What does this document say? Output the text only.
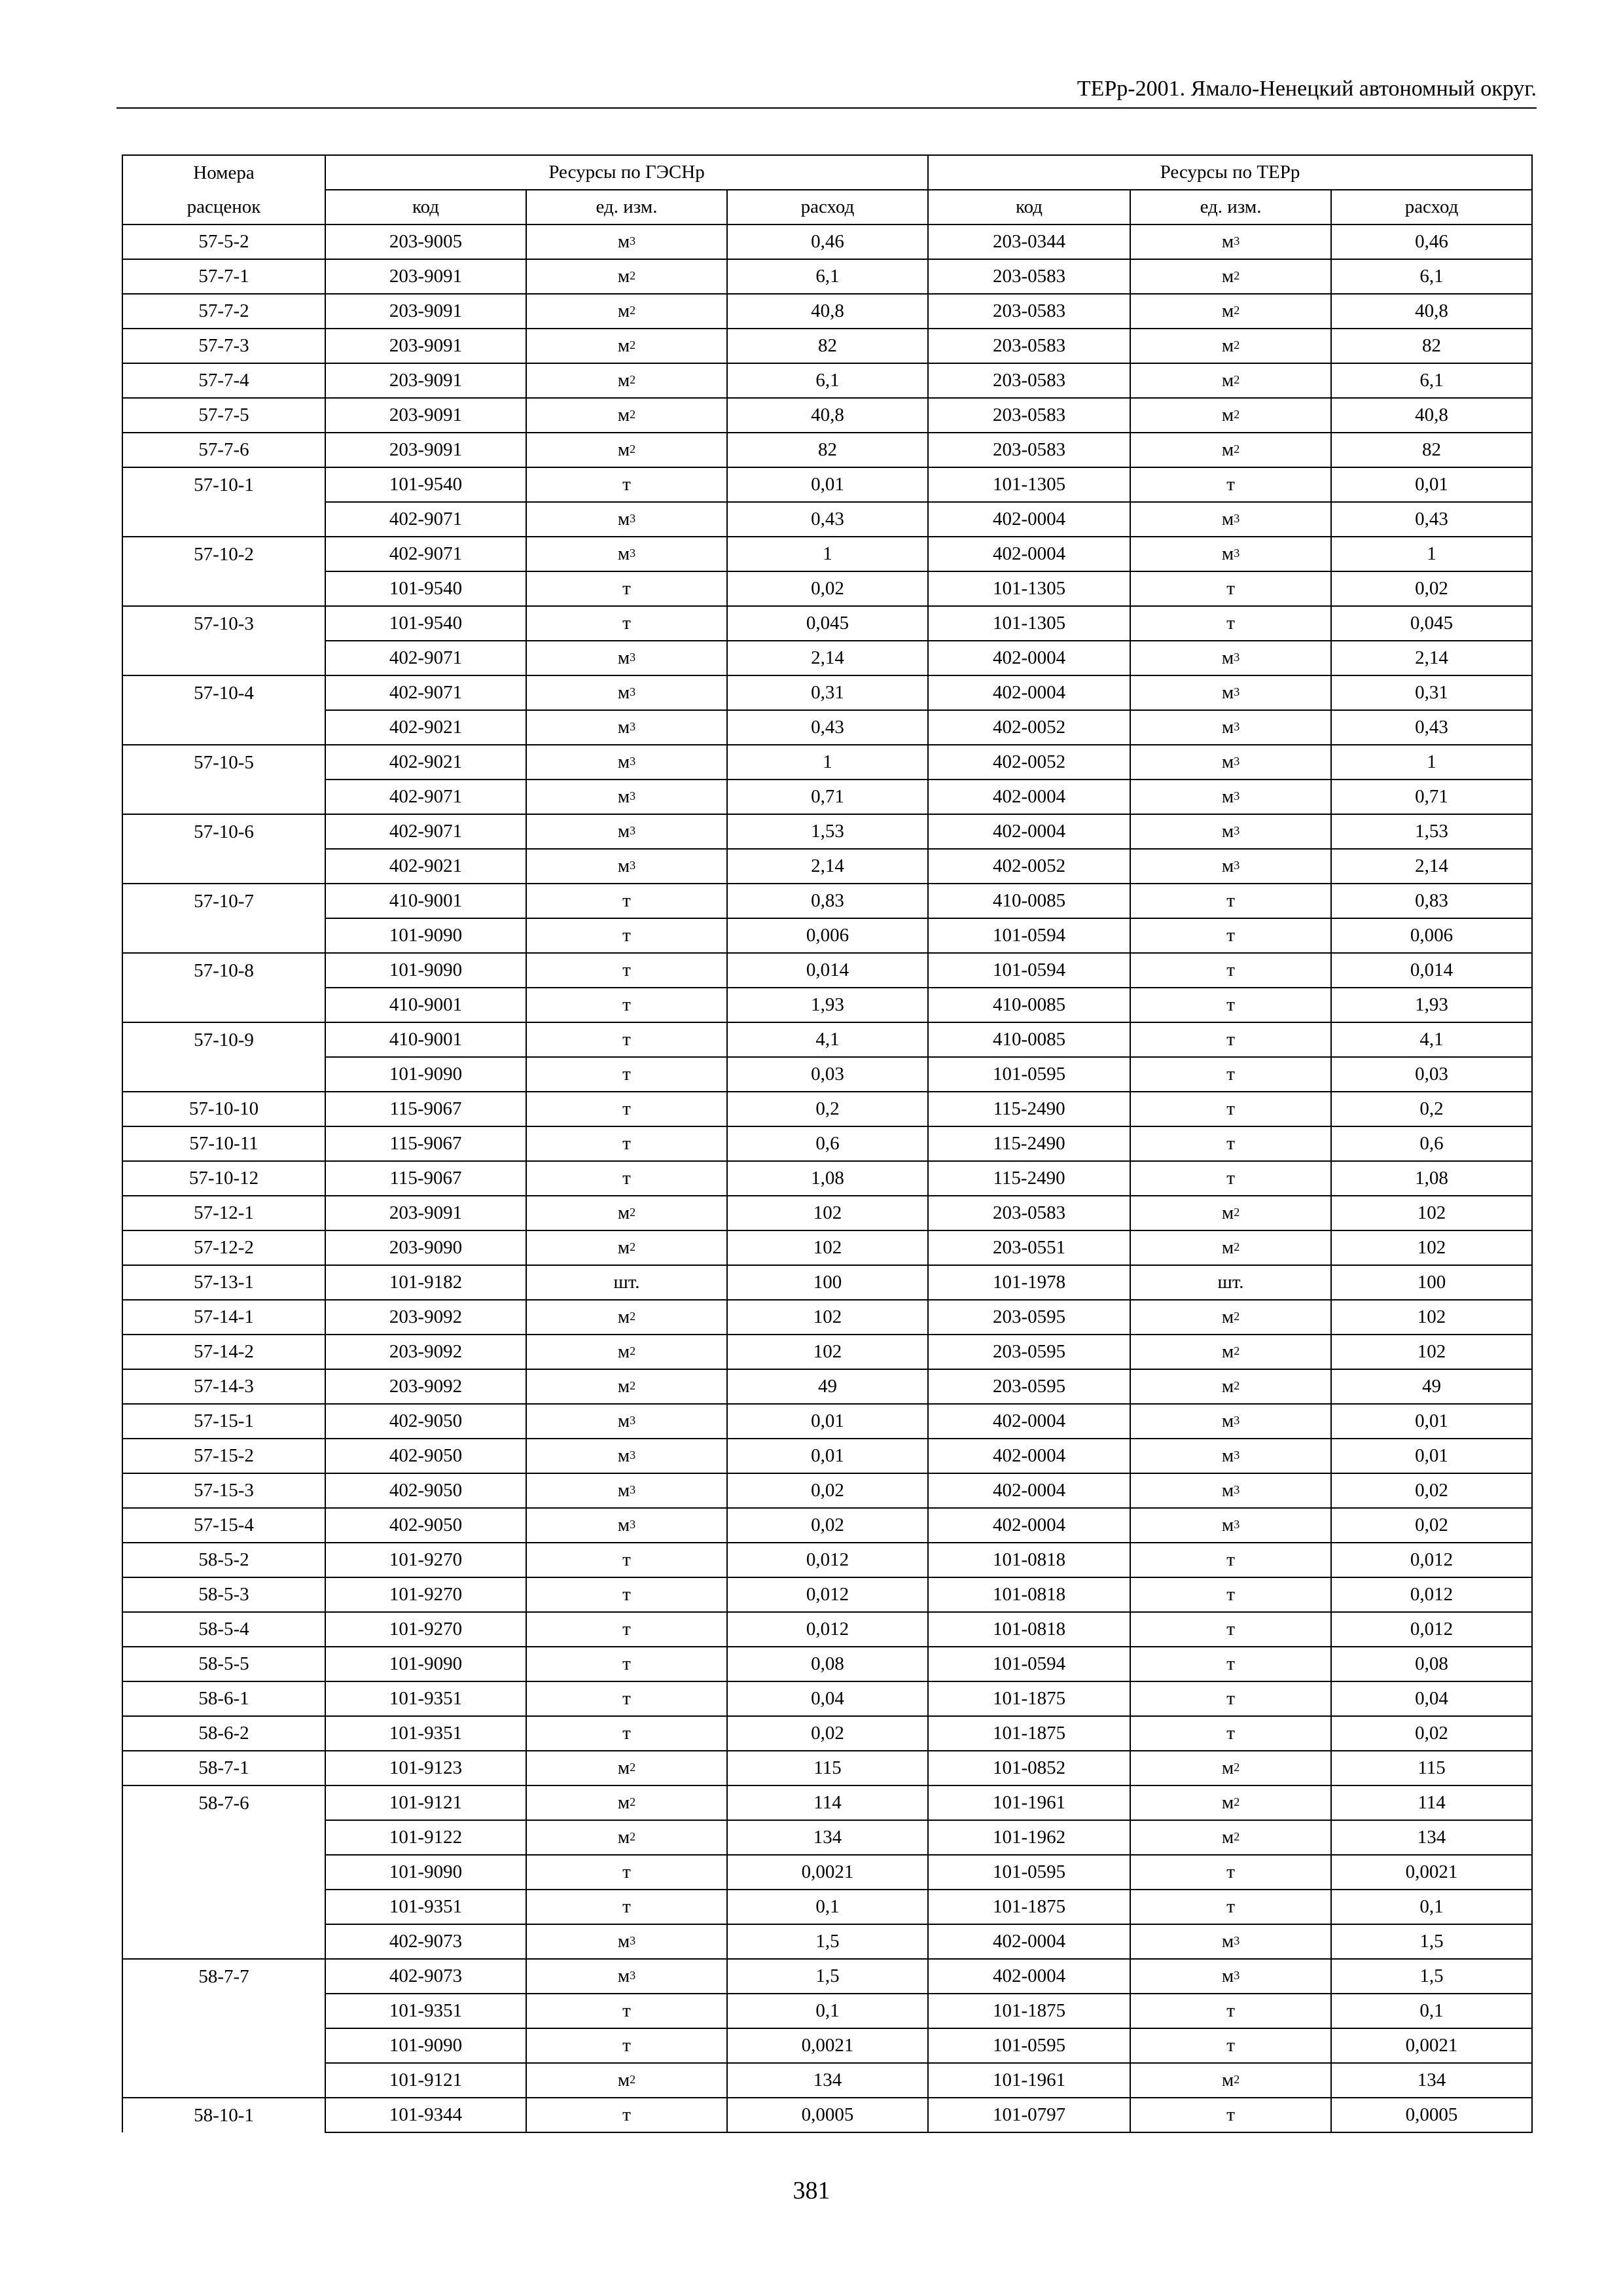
ТЕРр-2001. Ямало-Ненецкий автономный округ.
Номера	Ресурсы по ГЭСНр			Ресурсы по ТЕРр		
расценок	код	ед. изм.	расход	код	ед. изм.	расход
57-5-2	203-9005	$м^3$	0,46	203-0344	$м^3$	0,46
57-7-1	203-9091	$м^2$	6,1	203-0583	$м^2$	6,1
57-7-2	203-9091	$м^2$	40,8	203-0583	$м^2$	40,8
57-7-3	203-9091	$м^2$	82	203-0583	$м^2$	82
57-7-4	203-9091	$м^2$	6,1	203-0583	$м^2$	6,1
57-7-5	203-9091	$м^2$	40,8	203-0583	$м^2$	40,8
57-7-6	203-9091	$м^2$	82	203-0583	$м^2$	82
57-10-1	101-9540	т	0,01	101-1305	т	0,01
	402-9071	$м^3$	0,43	402-0004	$м^3$	0,43
57-10-2	402-9071	$м^3$	1	402-0004	$м^3$	1
	101-9540	т	0,02	101-1305	т	0,02
57-10-3	101-9540	т	0,045	101-1305	т	0,045
	402-9071	$м^3$	2,14	402-0004	$м^3$	2,14
57-10-4	402-9071	$м^3$	0,31	402-0004	$м^3$	0,31
	402-9021	$м^3$	0,43	402-0052	$м^3$	0,43
57-10-5	402-9021	$м^3$	1	402-0052	$м^3$	1
	402-9071	$м^3$	0,71	402-0004	$м^3$	0,71
57-10-6	402-9071	$м^3$	1,53	402-0004	$м^3$	1,53
	402-9021	$м^3$	2,14	402-0052	$м^3$	2,14
57-10-7	410-9001	т	0,83	410-0085	т	0,83
	101-9090	т	0,006	101-0594	т	0,006
57-10-8	101-9090	т	0,014	101-0594	т	0,014
	410-9001	т	1,93	410-0085	т	1,93
57-10-9	410-9001	т	4,1	410-0085	т	4,1
	101-9090	т	0,03	101-0595	т	0,03
57-10-10	115-9067	т	0,2	115-2490	т	0,2
57-10-11	115-9067	т	0,6	115-2490	т	0,6
57-10-12	115-9067	т	1,08	115-2490	т	1,08
57-12-1	203-9091	$м^2$	102	203-0583	$м^2$	102
57-12-2	203-9090	$м^2$	102	203-0551	$м^2$	102
57-13-1	101-9182	шт.	100	101-1978	шт.	100
57-14-1	203-9092	$м^2$	102	203-0595	$м^2$	102
57-14-2	203-9092	$м^2$	102	203-0595	$м^2$	102
57-14-3	203-9092	$м^2$	49	203-0595	$м^2$	49
57-15-1	402-9050	$м^3$	0,01	402-0004	$м^3$	0,01
57-15-2	402-9050	$м^3$	0,01	402-0004	$м^3$	0,01
57-15-3	402-9050	$м^3$	0,02	402-0004	$м^3$	0,02
57-15-4	402-9050	$м^3$	0,02	402-0004	$м^3$	0,02
58-5-2	101-9270	т	0,012	101-0818	т	0,012
58-5-3	101-9270	т	0,012	101-0818	т	0,012
58-5-4	101-9270	т	0,012	101-0818	т	0,012
58-5-5	101-9090	т	0,08	101-0594	т	0,08
58-6-1	101-9351	т	0,04	101-1875	т	0,04
58-6-2	101-9351	т	0,02	101-1875	т	0,02
58-7-1	101-9123	$м^2$	115	101-0852	$м^2$	115
58-7-6	101-9121	$м^2$	114	101-1961	$м^2$	114
	101-9122	$м^2$	134	101-1962	$м^2$	134
	101-9090	т	0,0021	101-0595	т	0,0021
	101-9351	т	0,1	101-1875	т	0,1
	402-9073	$м^3$	1,5	402-0004	$м^3$	1,5
58-7-7	402-9073	$м^3$	1,5	402-0004	$м^3$	1,5
	101-9351	т	0,1	101-1875	т	0,1
	101-9090	т	0,0021	101-0595	т	0,0021
	101-9121	$м^2$	134	101-1961	$м^2$	134
58-10-1	101-9344	т	0,0005	101-0797	т	0,0005
381
